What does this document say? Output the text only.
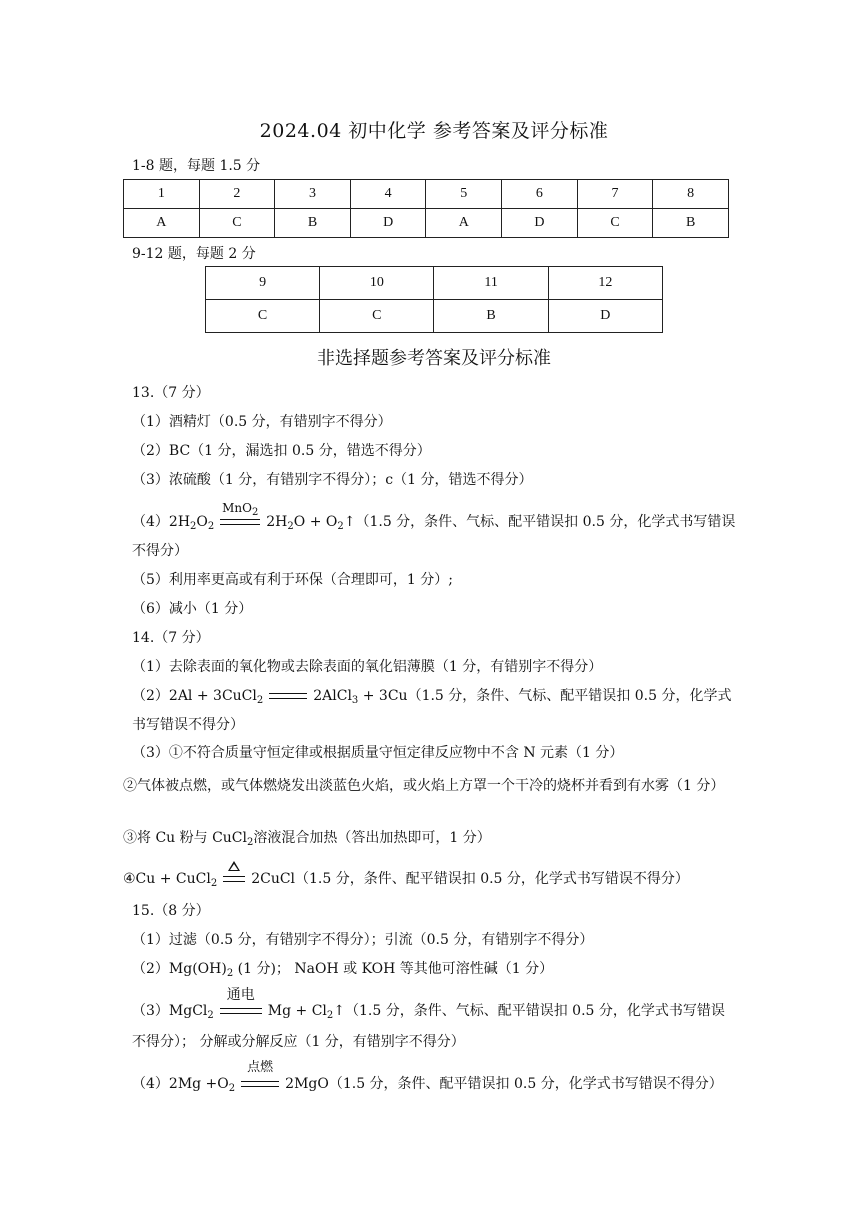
2024.04 初中化学 参考答案及评分标准
1-8 题，每题 1.5 分
1	2	3	4	5	6	7	8
A	C	B	D	A	D	C	B
9-12 题，每题 2 分
9	10	11	12
C	C	B	D
非选择题参考答案及评分标准
13.（7 分）
（1）酒精灯（0.5 分，有错别字不得分）
（2）BC（1 分，漏选扣 0.5 分，错选不得分）
（3）浓硫酸（1 分，有错别字不得分）；c（1 分，错选不得分）
$(4)2H_2O_2$
MnO$_2$
$2H_2O$ + $O_2↑(1.5$ 分，条件、气标、配平错误扣 0.5 分，化学式书写错误
不得分）
（5）利用率更高或有利于环保（合理即可，1 分）;
（6）减小（1 分）
14.（7 分）
（1）去除表面的氧化物或去除表面的氧化铝薄膜（1 分，有错别字不得分）
（2）2Al + 3CuCl$_2$	2AlCl$_3$ + 3Cu（1.5 分，条件、气标、配平错误扣 0.5 分，化学式
书写错误不得分）
（3）①不符合质量守恒定律或根据质量守恒定律反应物中不含 N 元素（1 分）
②气体被点燃，或气体燃烧发出淡蓝色火焰，或火焰上方罩一个干冷的烧杯并看到有水雾（1 分）
③将 Cu 粉与 CuCl$_2$溶液混合加热（答出加热即可，1 分）
④Cu + CuCl$_2$ 2CuCl（1.5 分，条件、配平错误扣 0.5 分，化学式书写错误不得分）
15.（8 分）
（1）过滤（0.5 分，有错别字不得分）；引流（0.5 分，有错别字不得分）
$(2)Mg(OH)_2$ (1 分)； NaOH 或 KOH 等其他可溶性碱（1 分）
（3）MgCl$_2$
通电
$Mg + Cl_2↑(1.5$ 分，条件、气标、配平错误扣 0.5 分，化学式书写错误
不得分）； 分解或分解反应（1 分，有错别字不得分）
$(4)2Mg +O_2$
点燃
2MgO（1.5 分，条件、配平错误扣 0.5 分，化学式书写错误不得分）
